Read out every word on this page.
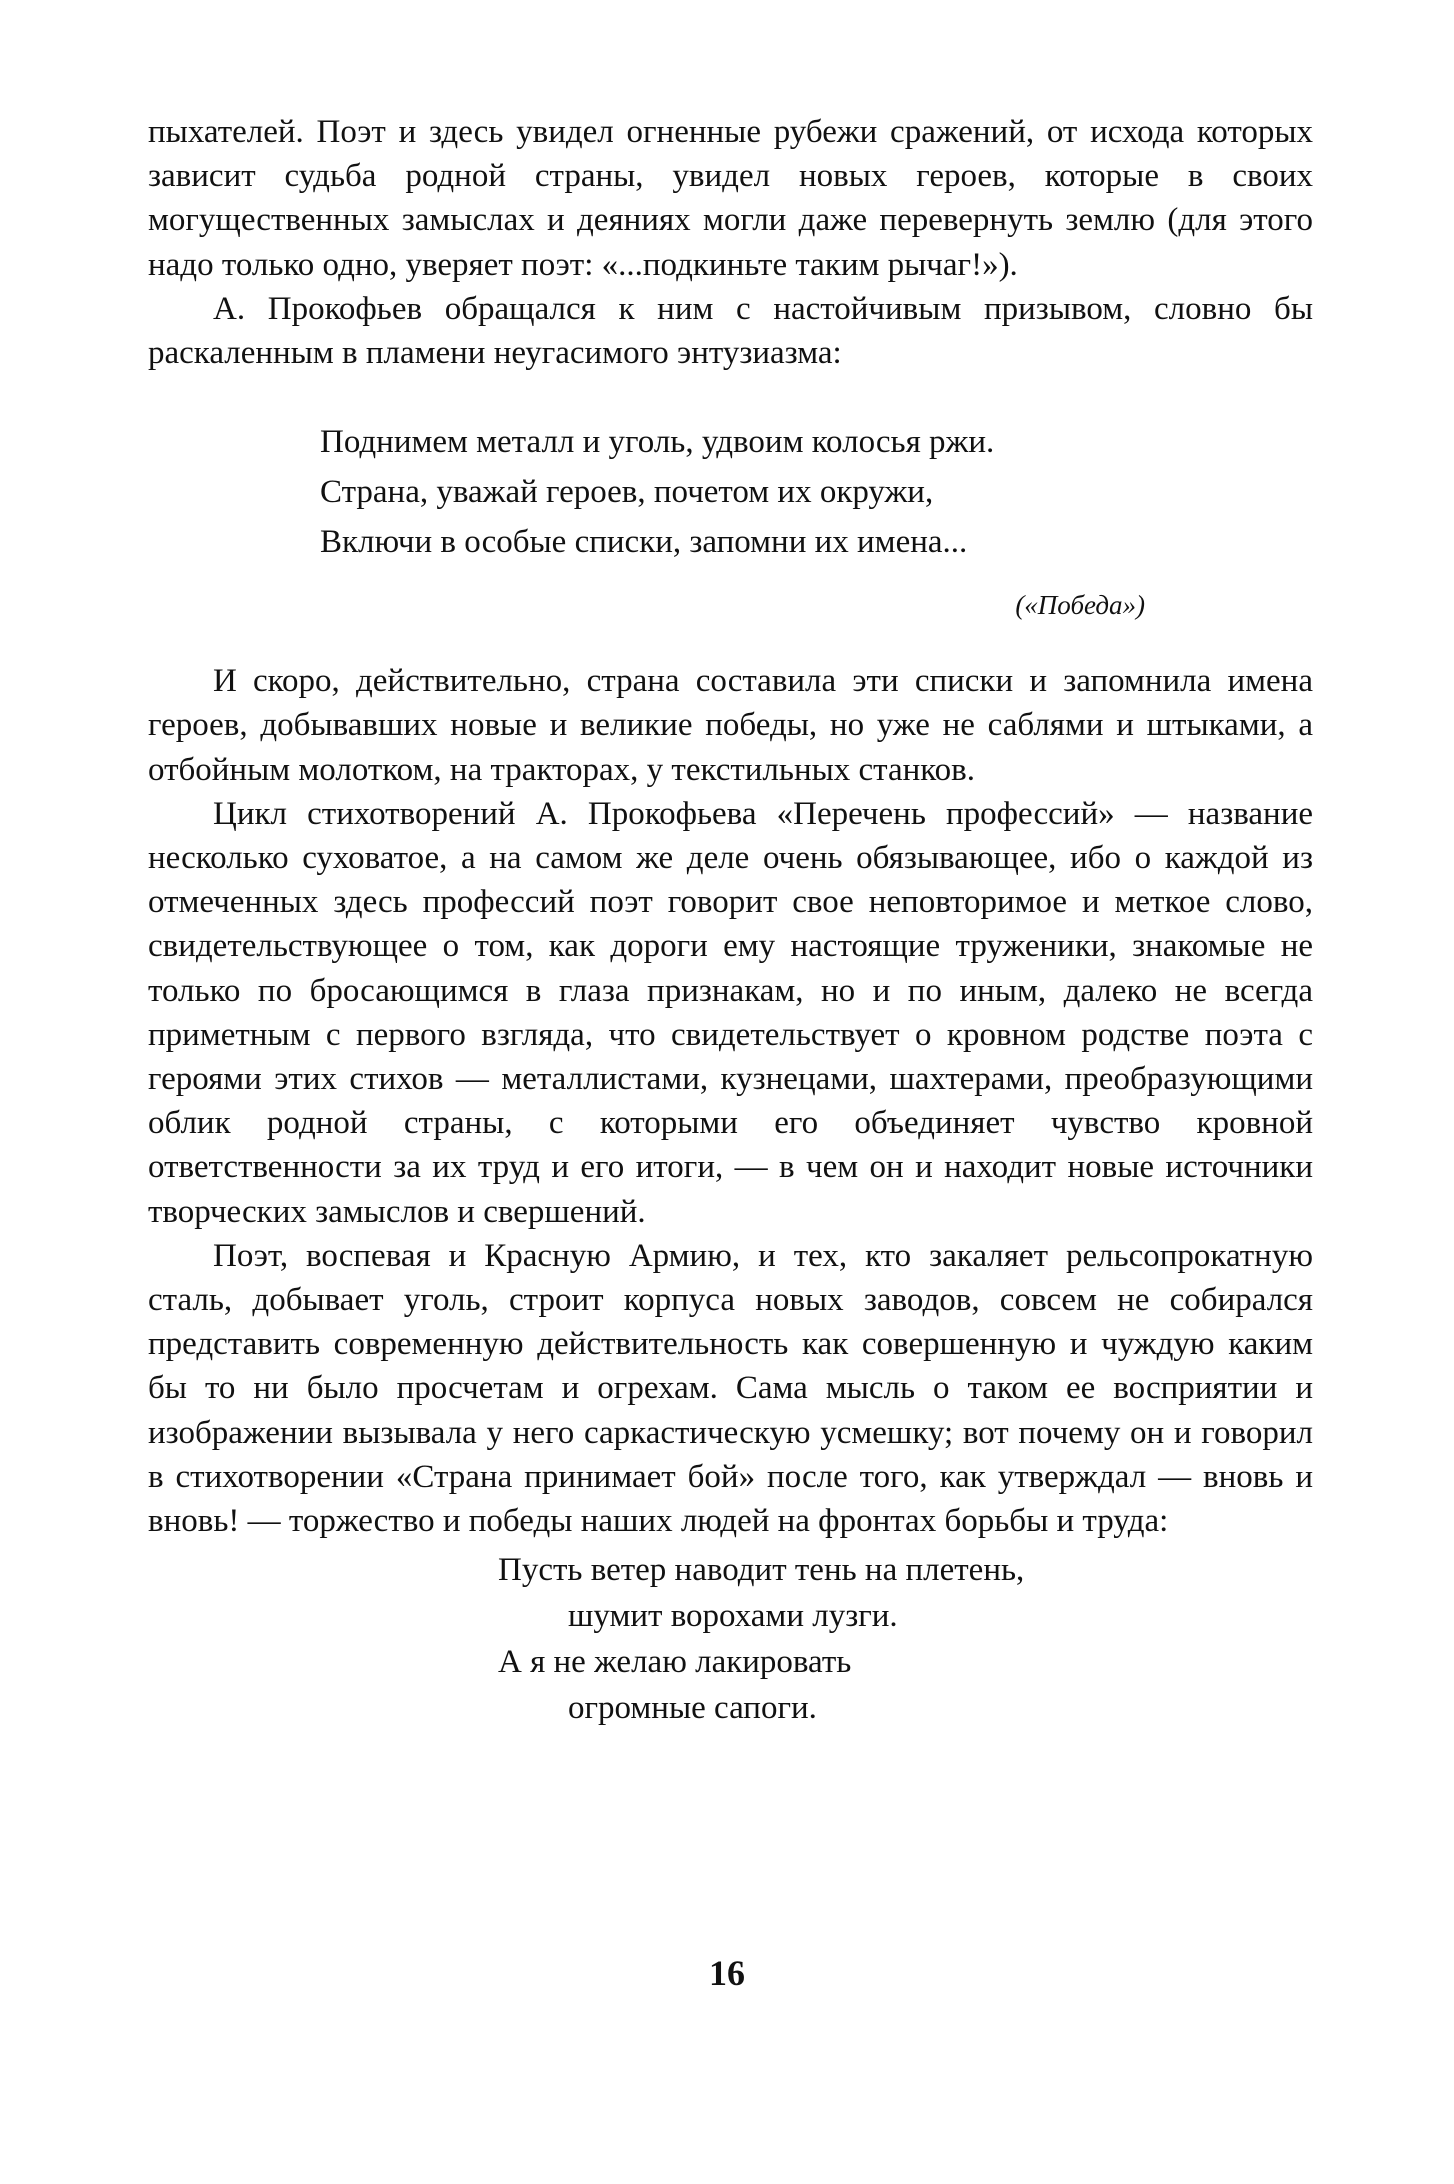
пыхателей. Поэт и здесь увидел огненные рубежи сражений, от исхода которых зависит судьба родной страны, увидел новых героев, которые в своих могущественных замыслах и деяниях могли даже перевернуть землю (для этого надо только одно, уверяет поэт: «...подкиньте таким рычаг!»).

А. Прокофьев обращался к ним с настойчивым призывом, словно бы раскаленным в пламени неугасимого энтузиазма:

Поднимем металл и уголь, удвоим колосья ржи.
Страна, уважай героев, почетом их окружи,
Включи в особые списки, запомни их имена...
(«Победа»)

И скоро, действительно, страна составила эти списки и запомнила имена героев, добывавших новые и великие победы, но уже не саблями и штыками, а отбойным молотком, на тракторах, у текстильных станков.

Цикл стихотворений А. Прокофьева «Перечень профессий» — название несколько суховатое, а на самом же деле очень обязывающее, ибо о каждой из отмеченных здесь профессий поэт говорит свое неповторимое и меткое слово, свидетельствующее о том, как дороги ему настоящие труженики, знакомые не только по бросающимся в глаза признакам, но и по иным, далеко не всегда приметным с первого взгляда, что свидетельствует о кровном родстве поэта с героями этих стихов — металлистами, кузнецами, шахтерами, преобразующими облик родной страны, с которыми его объединяет чувство кровной ответственности за их труд и его итоги, — в чем он и находит новые источники творческих замыслов и свершений.

Поэт, воспевая и Красную Армию, и тех, кто закаляет рельсопрокатную сталь, добывает уголь, строит корпуса новых заводов, совсем не собирался представить современную действительность как совершенную и чуждую каким бы то ни было просчетам и огрехам. Сама мысль о таком ее восприятии и изображении вызывала у него саркастическую усмешку; вот почему он и говорил в стихотворении «Страна принимает бой» после того, как утверждал — вновь и вновь! — торжество и победы наших людей на фронтах борьбы и труда:

Пусть ветер наводит тень на плетень,
шумит ворохами лузги.
А я не желаю лакировать
огромные сапоги.
16
